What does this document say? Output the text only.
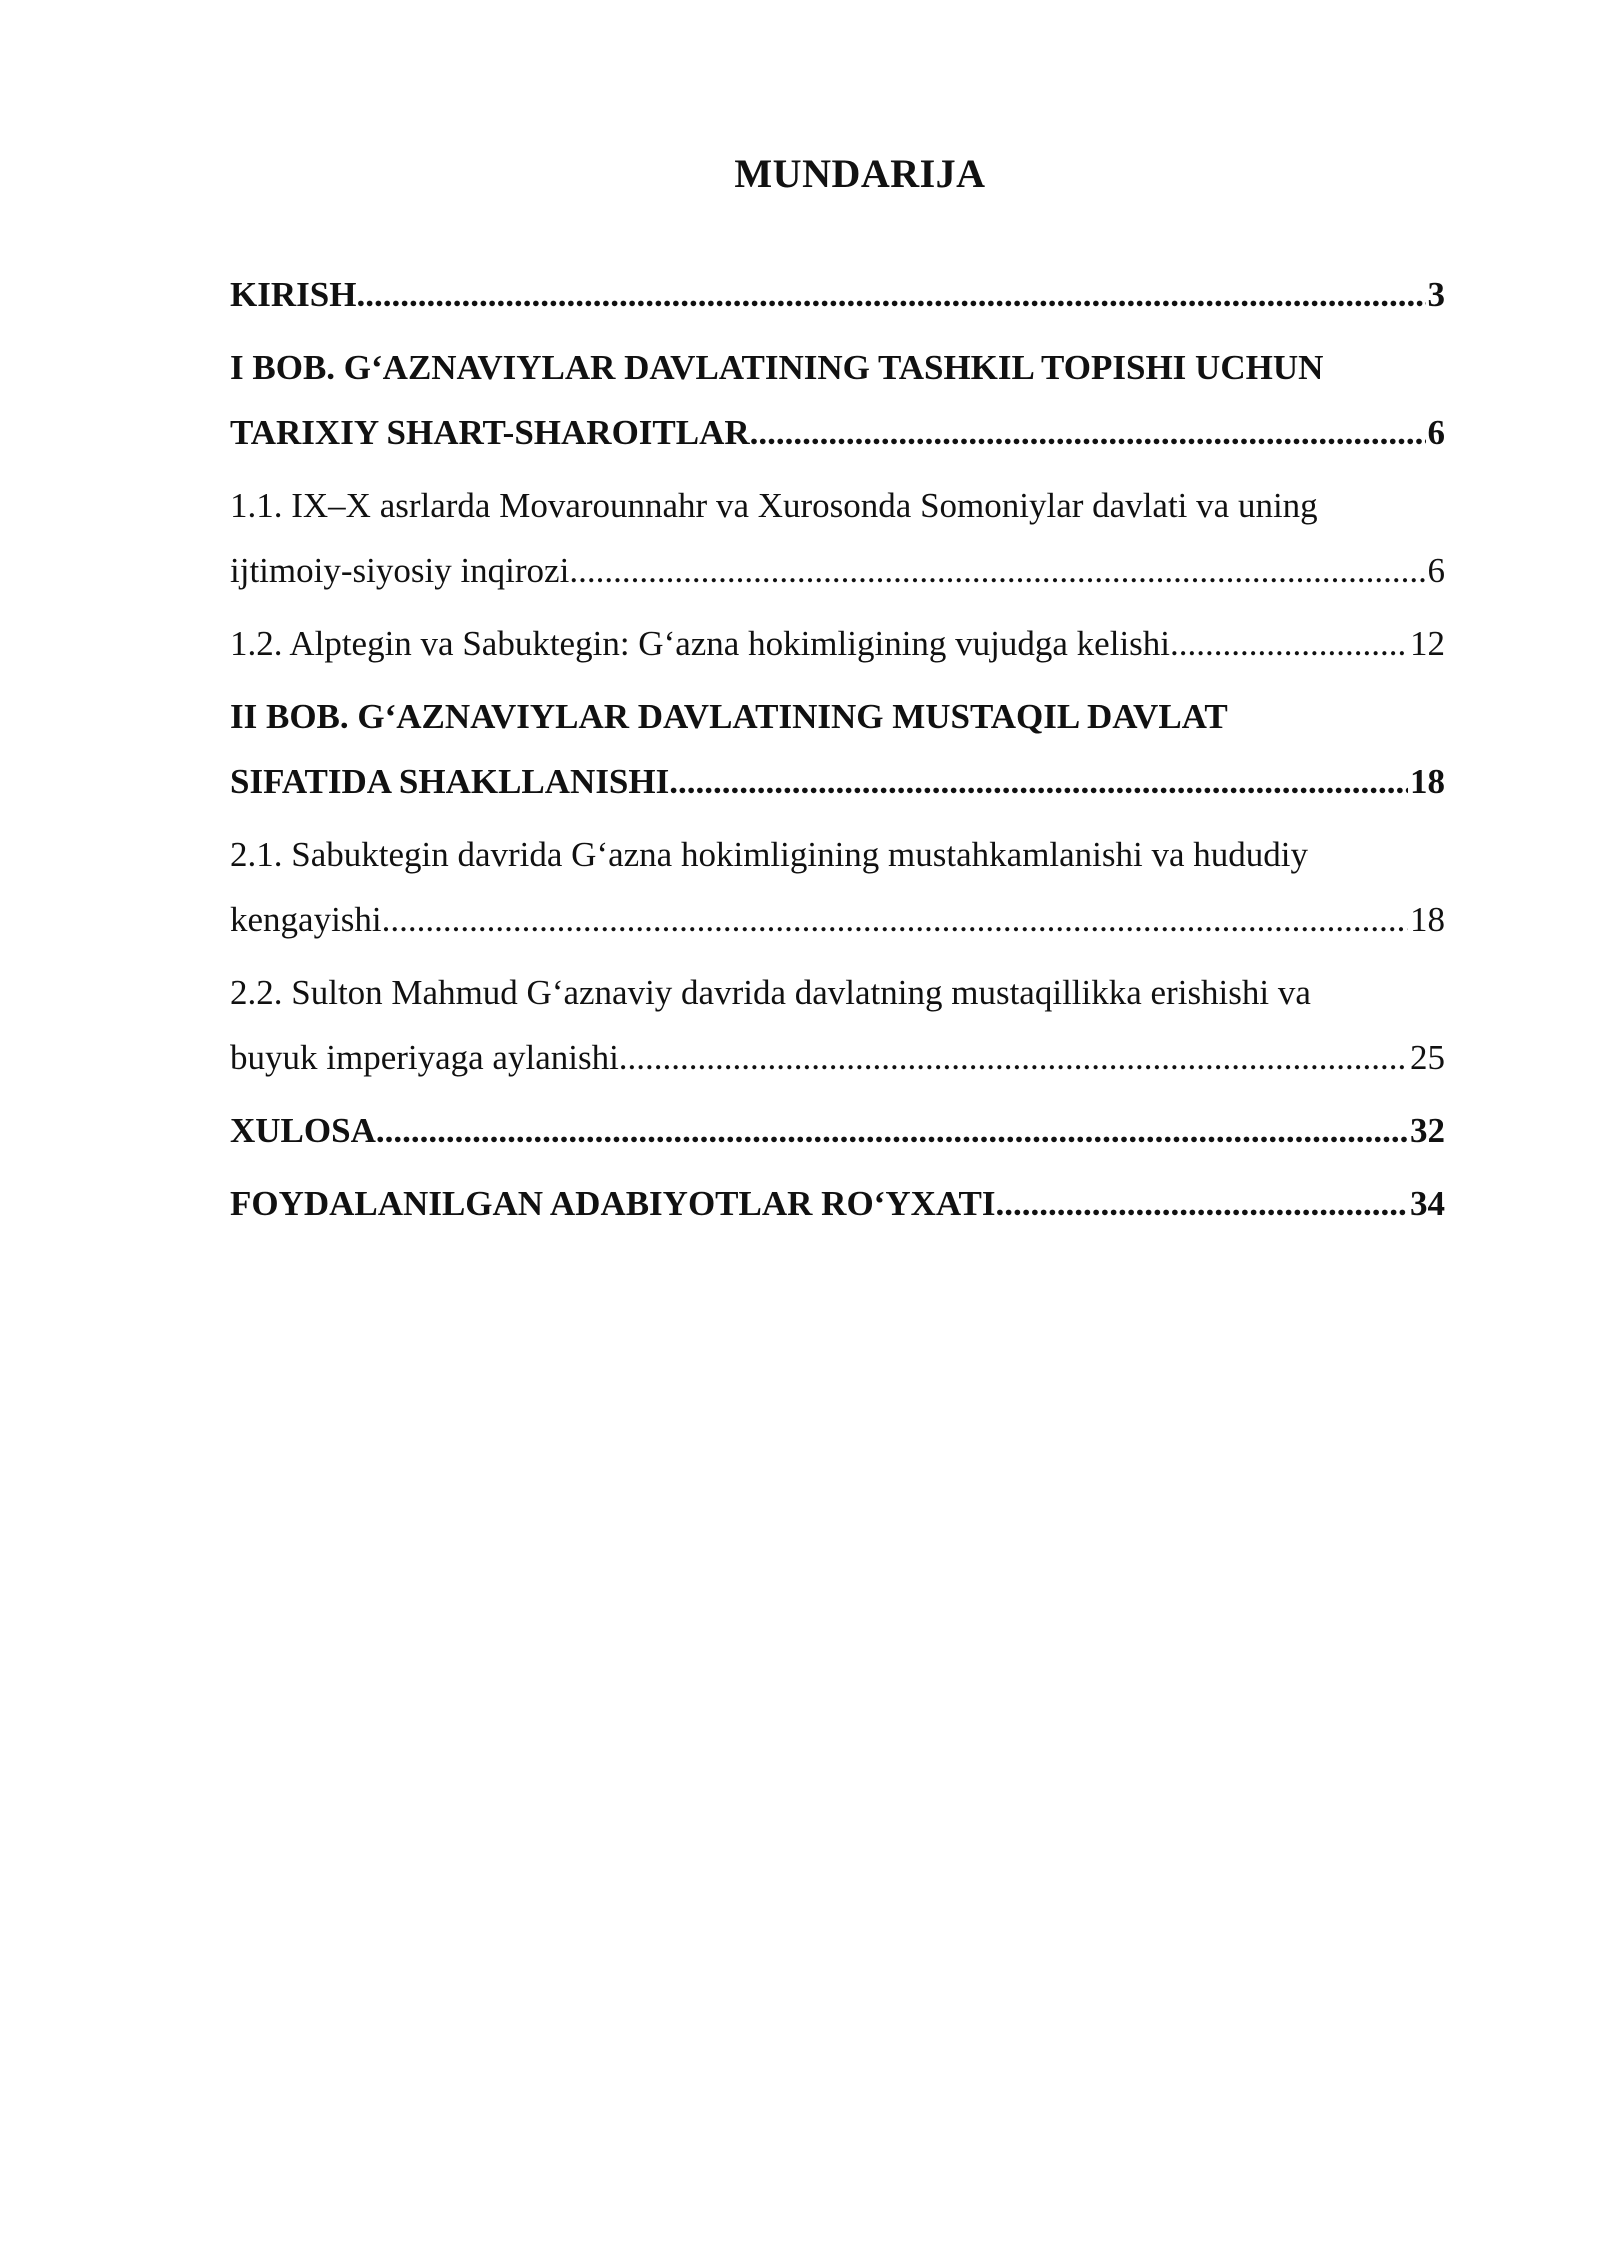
MUNDARIJA
KIRISH .....	3
I BOB. G‘AZNAVIYLAR DAVLATINING TASHKIL TOPISHI UCHUN
TARIXIY SHART-SHAROITLAR .....	6
1.1. IX–X asrlarda Movarounnahr va Xurosonda Somoniylar davlati va uning
ijtimoiy-siyosiy inqirozi .....	6
1.2. Alptegin va Sabuktegin: G‘azna hokimligining vujudga kelishi .....	12
II BOB. G‘AZNAVIYLAR DAVLATINING MUSTAQIL DAVLAT
SIFATIDA SHAKLLANISHI .....	18
2.1. Sabuktegin davrida G‘azna hokimligining mustahkamlanishi va hududiy
kengayishi .....	18
2.2. Sulton Mahmud G‘aznaviy davrida davlatning mustaqillikka erishishi va
buyuk imperiyaga aylanishi .....	25
XULOSA .....	32
FOYDALANILGAN ADABIYOTLAR RO‘YXATI .....	34
